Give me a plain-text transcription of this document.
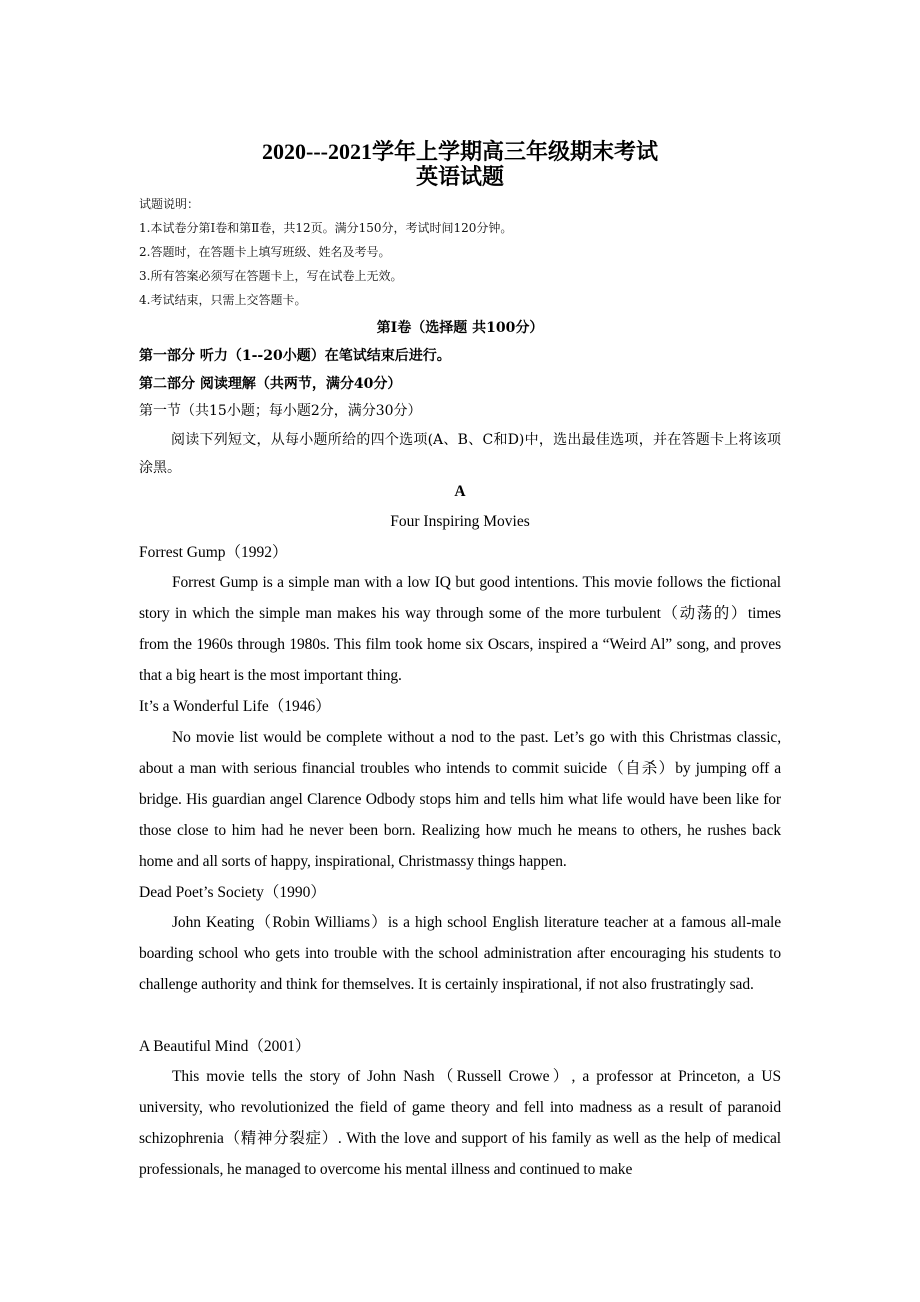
2020---2021学年上学期高三年级期末考试
英语试题
试题说明：
1.本试卷分第Ⅰ卷和第Ⅱ卷，共12页。满分150分，考试时间120分钟。
2.答题时，在答题卡上填写班级、姓名及考号。
3.所有答案必须写在答题卡上，写在试卷上无效。
4.考试结束，只需上交答题卡。
第I卷（选择题 共100分）
第一部分 听力（1--20小题）在笔试结束后进行。
第二部分 阅读理解（共两节，满分40分）
第一节（共15小题；每小题2分，满分30分）
阅读下列短文，从每小题所给的四个选项(A、B、C和D)中，选出最佳选项，并在答题卡上将该项涂黑。
A
Four Inspiring Movies
Forrest Gump（1992）
Forrest Gump is a simple man with a low IQ but good intentions. This movie follows the fictional story in which the simple man makes his way through some of the more turbulent（动荡的）times from the 1960s through 1980s. This film took home six Oscars, inspired a “Weird Al” song, and proves that a big heart is the most important thing.
It’s a Wonderful Life（1946）
No movie list would be complete without a nod to the past. Let’s go with this Christmas classic, about a man with serious financial troubles who intends to commit suicide（自杀）by jumping off a bridge. His guardian angel Clarence Odbody stops him and tells him what life would have been like for those close to him had he never been born. Realizing how much he means to others, he rushes back home and all sorts of happy, inspirational, Christmassy things happen.
Dead Poet’s Society（1990）
John Keating（Robin Williams）is a high school English literature teacher at a famous all-male boarding school who gets into trouble with the school administration after encouraging his students to challenge authority and think for themselves. It is certainly inspirational, if not also frustratingly sad.
A Beautiful Mind（2001）
This movie tells the story of John Nash（Russell Crowe）, a professor at Princeton, a US university, who revolutionized the field of game theory and fell into madness as a result of paranoid schizophrenia（精神分裂症）. With the love and support of his family as well as the help of medical professionals, he managed to overcome his mental illness and continued to make
